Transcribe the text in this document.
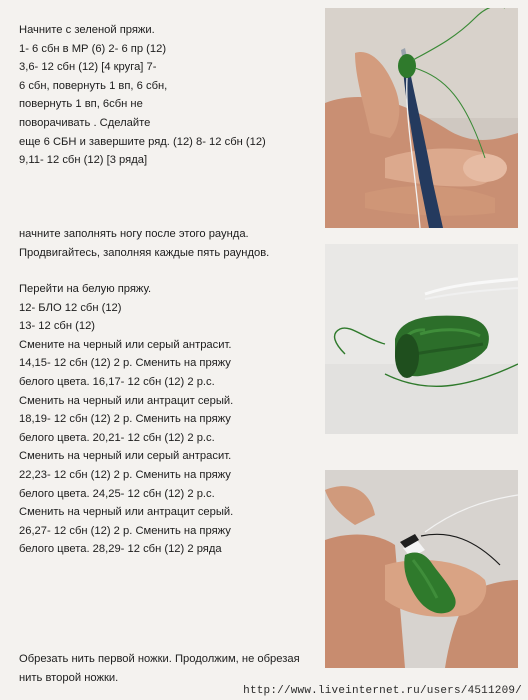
Начните с зеленой пряжи.

1- 6 сбн в МР (6) 2- 6 пр (12)

3,6- 12 сбн (12) [4 круга] 7-

6 сбн, повернуть 1 вп, 6 сбн,

повернуть 1 вп, 6сбн не

поворачивать . Сделайте

еще 6 СБН и завершите ряд. (12) 8- 12 сбн (12)

9,11- 12 сбн (12) [3 ряда]

начните заполнять ногу после этого раунда.

Продвигайтесь, заполняя каждые пять раундов.

Перейти на белую пряжу.

12- БЛО 12 сбн (12)

13- 12 сбн (12)

Смените на черный или серый антрасит.

14,15- 12 сбн (12) 2 р. Сменить на пряжу

белого цвета. 16,17- 12 сбн (12) 2 р.с.

Сменить на черный или антрацит серый.

18,19- 12 сбн (12) 2 р. Сменить на пряжу

белого цвета. 20,21- 12 сбн (12) 2 р.с.

Сменить на черный или серый антрасит.

22,23- 12 сбн (12) 2 р. Сменить на пряжу

белого цвета. 24,25- 12 сбн (12) 2 р.с.

Сменить на черный или антрацит серый.

26,27- 12 сбн (12) 2 р. Сменить на пряжу

белого цвета. 28,29- 12 сбн (12) 2 ряда

Обрезать нить первой ножки. Продолжим, не обрезая

нить второй ножки.

http://www.liveinternet.ru/users/4511209/
